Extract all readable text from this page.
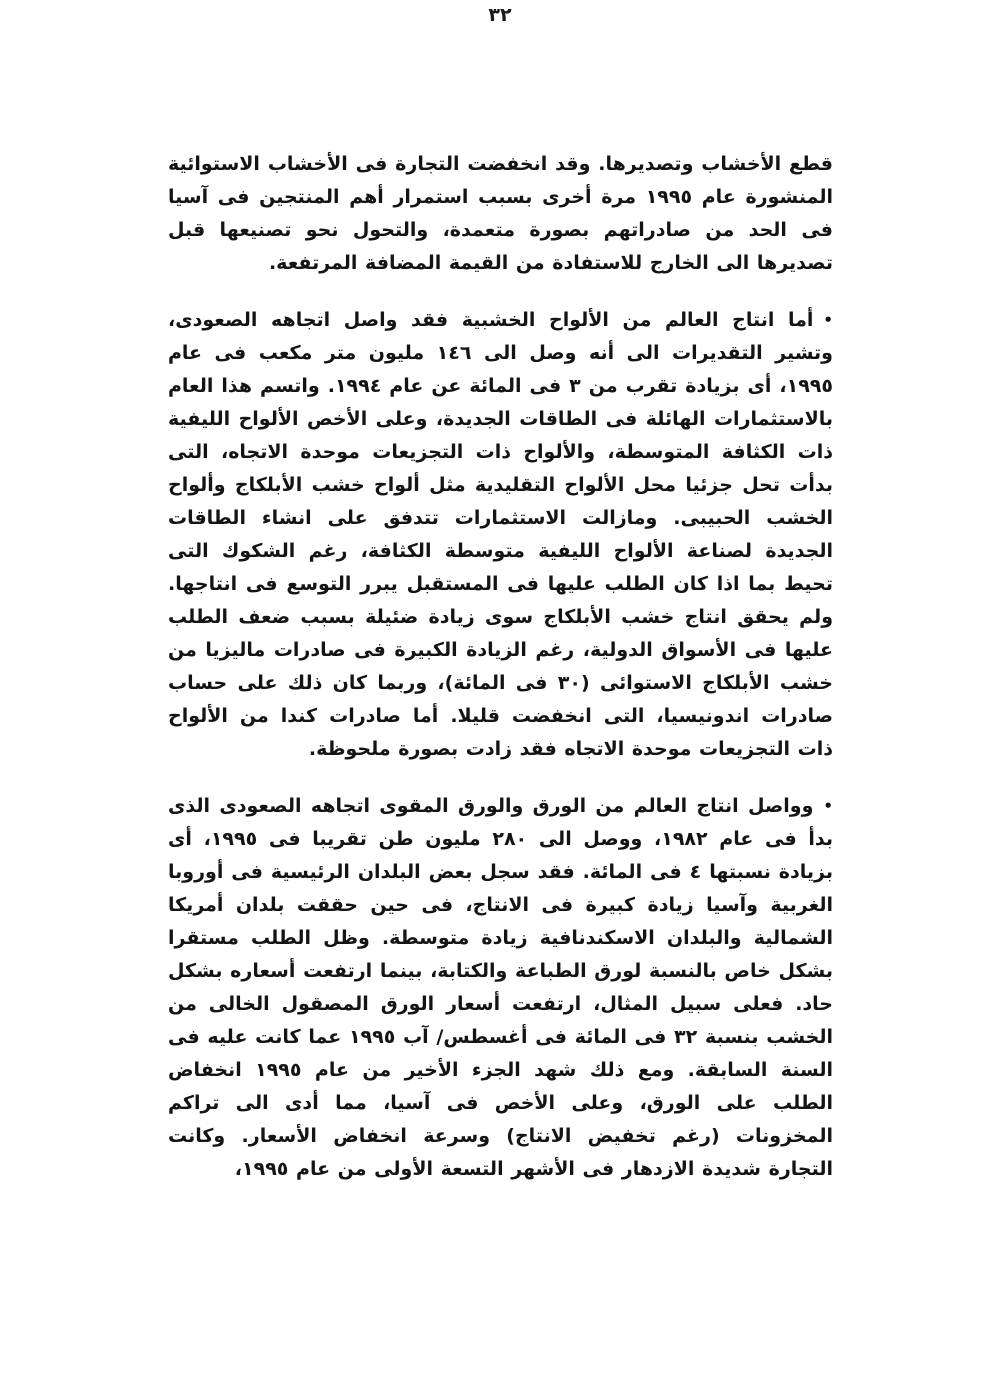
٣٢

قطع الأخشاب وتصديرها. وقد انخفضت التجارة فى الأخشاب الاستوائية المنشورة عام ١٩٩٥ مرة أخرى بسبب استمرار أهم المنتجين فى آسيا فى الحد من صادراتهم بصورة متعمدة، والتحول نحو تصنيعها قبل تصديرها الى الخارج للاستفادة من القيمة المضافة المرتفعة.

•أما انتاج العالم من الألواح الخشبية فقد واصل اتجاهه الصعودى، وتشير التقديرات الى أنه وصل الى ١٤٦ مليون متر مكعب فى عام ١٩٩٥، أى بزيادة تقرب من ٣ فى المائة عن عام ١٩٩٤. واتسم هذا العام بالاستثمارات الهائلة فى الطاقات الجديدة، وعلى الأخص الألواح الليفية ذات الكثافة المتوسطة، والألواح ذات التجزيعات موحدة الاتجاه، التى بدأت تحل جزئيا محل الألواح التقليدية مثل ألواح خشب الأبلكاج وألواح الخشب الحبيبى. ومازالت الاستثمارات تتدفق على انشاء الطاقات الجديدة لصناعة الألواح الليفية متوسطة الكثافة، رغم الشكوك التى تحيط بما اذا كان الطلب عليها فى المستقبل يبرر التوسع فى انتاجها. ولم يحقق انتاج خشب الأبلكاج سوى زيادة ضئيلة بسبب ضعف الطلب عليها فى الأسواق الدولية، رغم الزيادة الكبيرة فى صادرات ماليزيا من خشب الأبلكاج الاستوائى (٣٠ فى المائة)، وربما كان ذلك على حساب صادرات اندونيسيا، التى انخفضت قليلا. أما صادرات كندا من الألواح ذات التجزيعات موحدة الاتجاه فقد زادت بصورة ملحوظة.

•وواصل انتاج العالم من الورق والورق المقوى اتجاهه الصعودى الذى بدأ فى عام ١٩٨٢، ووصل الى ٢٨٠ مليون طن تقريبا فى ١٩٩٥، أى بزيادة نسبتها ٤ فى المائة. فقد سجل بعض البلدان الرئيسية فى أوروبا الغربية وآسيا زيادة كبيرة فى الانتاج، فى حين حققت بلدان أمريكا الشمالية والبلدان الاسكندنافية زيادة متوسطة. وظل الطلب مستقرا بشكل خاص بالنسبة لورق الطباعة والكتابة، بينما ارتفعت أسعاره بشكل حاد. فعلى سبيل المثال، ارتفعت أسعار الورق المصقول الخالى من الخشب بنسبة ٣٢ فى المائة فى أغسطس/ آب ١٩٩٥ عما كانت عليه فى السنة السابقة. ومع ذلك شهد الجزء الأخير من عام ١٩٩٥ انخفاض الطلب على الورق، وعلى الأخص فى آسيا، مما أدى الى تراكم المخزونات (رغم تخفيض الانتاج) وسرعة انخفاض الأسعار. وكانت التجارة شديدة الازدهار فى الأشهر التسعة الأولى من عام ١٩٩٥،
